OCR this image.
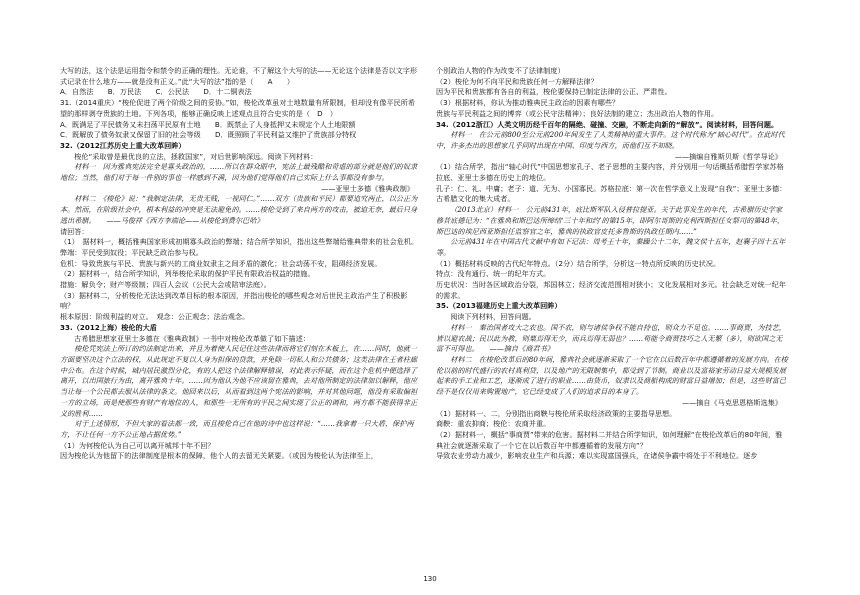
大写的法，这个法是运用指令和禁令的正确的理性。无论谁，不了解这个大写的法——无论这个法律是否以文字形式记录在什么地方——就是没有正义。”此“大写的法”指的是（　　A　　）

A．自然法　　B．万民法　　C．公民法　　D．十二铜表法

31.（2014重庆）“梭伦促进了两个阶级之间的妥协。”如，梭伦改革虽对土地数量有所限制，但却没有像平民所希望的那样剥夺贵族的土地。下列各项，能够正确反映上述观点且符合史实的是（　D　）

A．既满足了平民债务又未扫荡平民原有土地　　B．既禁止了人身抵押又未规定个人土地限额

C．既解放了债务奴隶又保留了旧的社会等级　　D．既照顾了平民利益又维护了贵族部分特权

32.（2012江苏历史上重大改革回眸）

梭伦“采取曾是最优良的立法，拯救国家”，对后世影响深远。阅读下列材料：

材料一　因为雅典宪法完全是寡头政治的，……所以在群众眼中，宪法上最残酷和苛虐的部分就是他们的奴隶地位；当然，他们对于每一件别的事也一样感到不满，因为他们觉得他们自己实际上什么事都没有参与。

——亚里士多德《雅典政制》

材料二　《梭伦》说：“我制定法律，无贵无贱，一视同仁。”……双方（贵族和平民）都要追究两止，以公正为本。然而，在阶级社会中，根本利益的冲突是无法避免的。……梭伦受到了来自两方的攻击，被迫无奈，最后只身逃出希腊。　　——马俊祥《西方李端论——从梭伦到费尔巴哈》

请回答：

（1）　据材料一，概括雅典国家形成初期寡头政治的弊端；结合所学知识，指出这些弊端给雅典带来的社会危机。

弊端：平民受到奴役；平民缺乏政治参与权。

危机：导致贵族与平民、贵族与新兴的工商业奴隶主之间矛盾的激化；社会动荡不安，阻碍经济发展。

（2）据材料一，结合所学知识，列举梭伦采取的保护平民有限政治权益的措施。

措施：解负令；财产等级制；四百人会议（公民大会或陪审法庭）。

（3）据材料二，分析梭伦无法达到改革目标的根本原因，并指出梭伦的哪些观念对后世民主政治产生了积极影响？

根本原因：阶级利益的对立。　观念：公正观念；法治观念。

33.（2012上海）梭伦的大盾

古希腊思想家亚里士多德在《雅典政制》一书中对梭伦改革做了如下描述：

梭伦凭宪法上所订的约法制定出来，并且为着使人民记住这些法律而将它们刻在木板上，在……同时，他就一方面要坚决这个立法的权，从此规定不复以人身为担保的贷款，并免除一切私人和公共债务；这类法律在王者柱廊中公布。在这个时候，城内居民激烈分化，有的人把这个法律解释错误，对此表示怀疑，而在这个危机中便选择了离开，以出国旅行为由，离开雅典十年。……因为他认为他不应该留在雅典，去对他所制定的法律加以解释，他应当让每一个公民都去服从法律的条文。他回来以后，从而看到这两个宪法的影响，并对其他问题，他没有采取偏袒一方的立场，而是使那些有财产有地位的人，和那些一无所有的平民之间实现了公正的调和，两方都不能获得非正义的胜利……

对于上述情形，不但大家的看法都一致，而且梭伦自己在他的诗中也这样说：“……我拿着一只大盾，保护两方，不让任何一方不公正地占据优势。”

（1）为何梭伦认为自己可以离开城邦十年不回？

因为梭伦认为他留下的法律制度是根本的保障，他个人的去留无关紧要。（或因为梭伦认为法律至上，

个别政治人物的作为改变不了法律制度）

（2）梭伦为何不向平民和贵族任何一方解释法律？

因为平民和贵族都有各自的利益，梭伦要保持已制定法律的公正、严肃性。

（3）根据材料，你认为推动雅典民主政治的因素有哪些？

贵族与平民利益之间的博弈（或公民守法精神）；良好法制的建立；杰出政治人物的作用。

34.（2012浙江）人类文明历经千百年的隔绝、碰撞、交融，不断走向新的“解放”。阅读材料，回答问题。

材料一　在公元前800至公元前200年间发生了人类精神的重大事件。这个时代称为“轴心时代”。在此时代中，许多杰出的思想家几乎同时出现在中国、印度与西方，而他们互不知晓。

——摘编自雅斯贝斯《哲学导论》

（1）结合所学，指出“轴心时代”中国思想家孔子、老子思想的主要内容，并分别用一句话概括希腊哲学家苏格拉底、亚里士多德在历史上的地位。

孔子：仁、礼、中庸；老子：道、无为、小国寡民。苏格拉底：第一次在哲学意义上发现“自我”；亚里士多德：古希腊文化的集大成者。

（2013北京）材料一　公元前431年，底比斯军队入侵普拉提亚。关于此事发生的年代，古希腊历史学家修昔底德记为：“在雅典和斯巴达所缔结‘三十年和约’的第15年，即阿尔哥斯的克利西斯担任女祭司的第48年，斯巴达的埃尼西亚斯担任监察官之年，雅典的执政官皮托多鲁斯的执政任期内……”

公元前431年在中国古代文献中有如下记法：周考王十年，秦躁公十二年，魏文侯十五年，赵襄子四十五年等。

（1）概括材料反映的古代纪年特点。（2分）结合所学，分析这一特点所反映的历史状况。

特点：没有通行、统一的纪年方式。

历史状况：当时各区域政治分裂，邦国林立；经济交流范围相对狭小；文化发展相对多元。社会缺乏对统一纪年的需求。

35.（2013福建历史上重大改革回眸）

阅读下列材料，回答问题。

材料一　秦治国者攻大之农也。国不农，则与诸侯争权不能自持也，则众力不足也。……事商贾，为技艺，皆以避农战；民以此为教，则粟焉得无少，而兵焉得无弱也？……苟能令商贾技巧之人无繁（多），则欲国之无富不可得也。　　——摘自《商君书》

材料二　在梭伦改革后的80年间，雅典社会就逐渐采取了一个它在以后数百年中都遵循着的发展方向。在梭伦以前的时代盛行的农村真利贷，以及地产的无限制集中，都受到了节制。商业以及富裕家劳动日益大规模发展起来的手工业和工艺，逐渐成了进行的职业……由货币，奴隶以及商船构成的财富日益增加；但是，这些财富已经不是仅仅用来购置地产，它已经变成了人们的追求目的本身了。

——摘自《马克思恩格斯选集》

（1）据材料一、二，分别指出商鞅与梭伦所采取经济政策的主要指导思想。

商鞅：重农抑商；梭伦：农商并重。

（2）据材料一，概括“事商贾”带来的危害。据材料二并结合所学知识，如何理解“在梭伦改革后的80年间，雅典社会就逐渐采取了一个它在以后数百年中都遵循着的发展方向”？

导致农业劳动力减少，影响农业生产和兵源；难以实现富国强兵，在诸侯争霸中将处于不利地位。逐步

130
